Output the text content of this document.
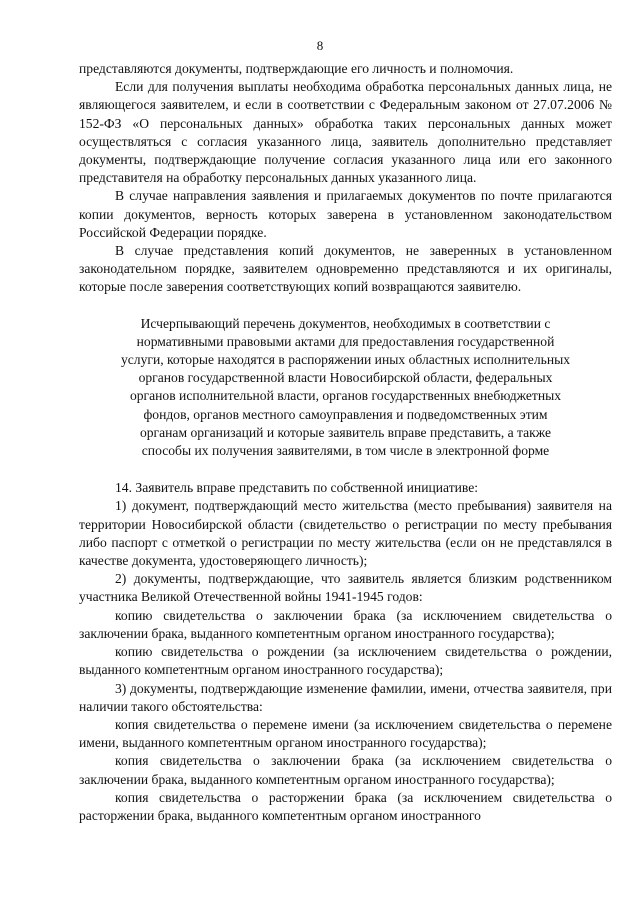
8

представляются документы, подтверждающие его личность и полномочия.

Если для получения выплаты необходима обработка персональных данных лица, не являющегося заявителем, и если в соответствии с Федеральным законом от 27.07.2006 № 152-ФЗ «О персональных данных» обработка таких персональных данных может осуществляться с согласия указанного лица, заявитель дополнительно представляет документы, подтверждающие получение согласия указанного лица или его законного представителя на обработку персональных данных указанного лица.

В случае направления заявления и прилагаемых документов по почте прилагаются копии документов, верность которых заверена в установленном законодательством Российской Федерации порядке.

В случае представления копий документов, не заверенных в установленном законодательном порядке, заявителем одновременно представляются и их оригиналы, которые после заверения соответствующих копий возвращаются заявителю.

Исчерпывающий перечень документов, необходимых в соответствии с нормативными правовыми актами для предоставления государственной услуги, которые находятся в распоряжении иных областных исполнительных органов государственной власти Новосибирской области, федеральных органов исполнительной власти, органов государственных внебюджетных фондов, органов местного самоуправления и подведомственных этим органам организаций и которые заявитель вправе представить, а также способы их получения заявителями, в том числе в электронной форме

14. Заявитель вправе представить по собственной инициативе:

1) документ, подтверждающий место жительства (место пребывания) заявителя на территории Новосибирской области (свидетельство о регистрации по месту пребывания либо паспорт с отметкой о регистрации по месту жительства (если он не представлялся в качестве документа, удостоверяющего личность);

2) документы, подтверждающие, что заявитель является близким родственником участника Великой Отечественной войны 1941-1945 годов:

копию свидетельства о заключении брака (за исключением свидетельства о заключении брака, выданного компетентным органом иностранного государства);

копию свидетельства о рождении (за исключением свидетельства о рождении, выданного компетентным органом иностранного государства);

3) документы, подтверждающие изменение фамилии, имени, отчества заявителя, при наличии такого обстоятельства:

копия свидетельства о перемене имени (за исключением свидетельства о перемене имени, выданного компетентным органом иностранного государства);

копия свидетельства о заключении брака (за исключением свидетельства о заключении брака, выданного компетентным органом иностранного государства);

копия свидетельства о расторжении брака (за исключением свидетельства о расторжении брака, выданного компетентным органом иностранного
